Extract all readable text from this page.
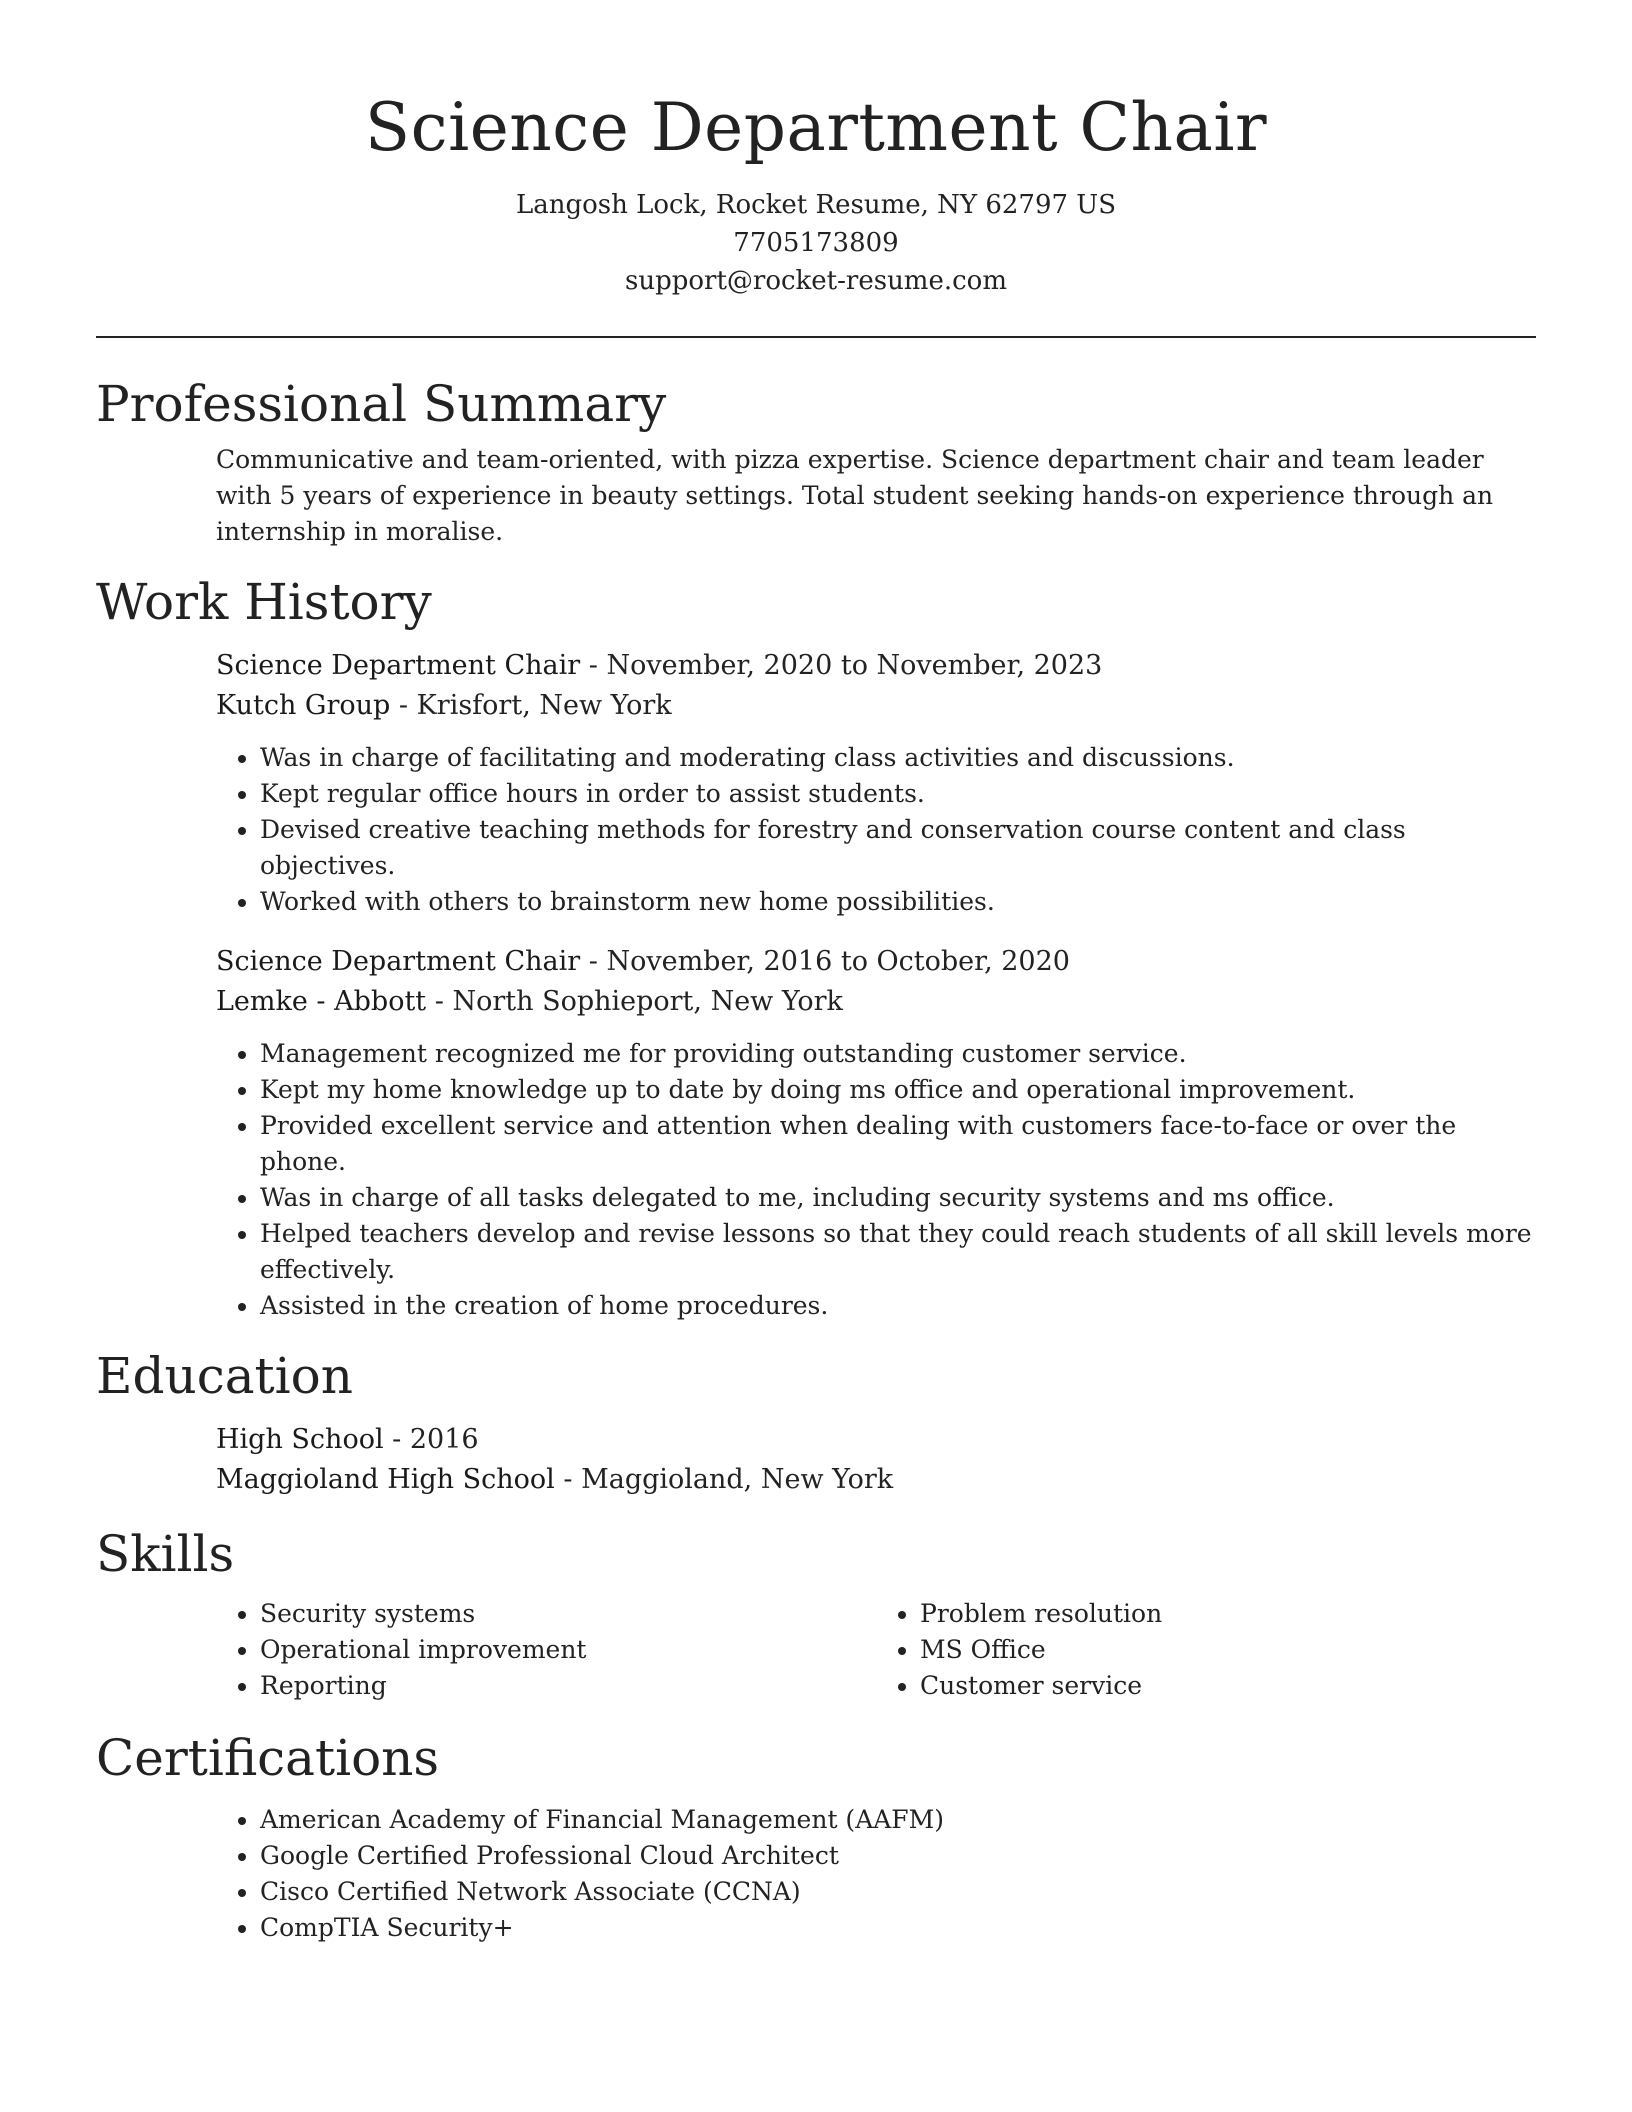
Science Department Chair
Langosh Lock, Rocket Resume, NY 62797 US
7705173809
support@rocket-resume.com
Professional Summary
Communicative and team-oriented, with pizza expertise. Science department chair and team leader with 5 years of experience in beauty settings. Total student seeking hands-on experience through an internship in moralise.
Work History
Science Department Chair - November, 2020 to November, 2023
Kutch Group - Krisfort, New York
• Was in charge of facilitating and moderating class activities and discussions.
• Kept regular office hours in order to assist students.
• Devised creative teaching methods for forestry and conservation course content and class objectives.
• Worked with others to brainstorm new home possibilities.
Science Department Chair - November, 2016 to October, 2020
Lemke - Abbott - North Sophieport, New York
• Management recognized me for providing outstanding customer service.
• Kept my home knowledge up to date by doing ms office and operational improvement.
• Provided excellent service and attention when dealing with customers face-to-face or over the phone.
• Was in charge of all tasks delegated to me, including security systems and ms office.
• Helped teachers develop and revise lessons so that they could reach students of all skill levels more effectively.
• Assisted in the creation of home procedures.
Education
High School - 2016
Maggioland High School - Maggioland, New York
Skills
• Security systems
• Operational improvement
• Reporting
• Problem resolution
• MS Office
• Customer service
Certifications
• American Academy of Financial Management (AAFM)
• Google Certified Professional Cloud Architect
• Cisco Certified Network Associate (CCNA)
• CompTIA Security+
